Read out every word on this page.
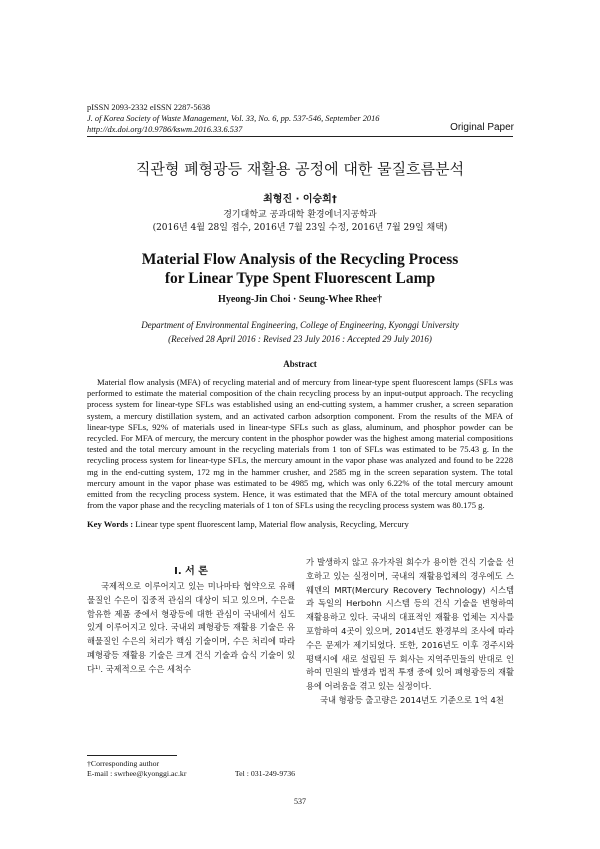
pISSN 2093-2332 eISSN 2287-5638
J. of Korea Society of Waste Management, Vol. 33, No. 6, pp. 537-546, September 2016
http://dx.doi.org/10.9786/kswm.2016.33.6.537	Original Paper
직관형 폐형광등 재활용 공정에 대한 물질흐름분석
최형진 · 이승희†
경기대학교 공과대학 환경에너지공학과
(2016년 4월 28일 접수, 2016년 7월 23일 수정, 2016년 7월 29일 채택)
Material Flow Analysis of the Recycling Process
for Linear Type Spent Fluorescent Lamp
Hyeong-Jin Choi · Seung-Whee Rhee†
Department of Environmental Engineering, College of Engineering, Kyonggi University
(Received 28 April 2016 : Revised 23 July 2016 : Accepted 29 July 2016)
Abstract
Material flow analysis (MFA) of recycling material and of mercury from linear-type spent fluorescent lamps (SFLs was performed to estimate the material composition of the chain recycling process by an input-output approach. The recycling process system for linear-type SFLs was established using an end-cutting system, a hammer crusher, a screen separation system, a mercury distillation system, and an activated carbon adsorption component. From the results of the MFA of linear-type SFLs, 92% of materials used in linear-type SFLs such as glass, aluminum, and phosphor powder can be recycled. For MFA of mercury, the mercury content in the phosphor powder was the highest among material compositions tested and the total mercury amount in the recycling materials from 1 ton of SFLs was estimated to be 75.43 g. In the recycling process system for linear-type SFLs, the mercury amount in the vapor phase was analyzed and found to be 2228 mg in the end-cutting system, 172 mg in the hammer crusher, and 2585 mg in the screen separation system. The total mercury amount in the vapor phase was estimated to be 4985 mg, which was only 6.22% of the total mercury amount emitted from the recycling process system. Hence, it was estimated that the MFA of the total mercury amount obtained from the vapor phase and the recycling materials of 1 ton of SFLs using the recycling process system was 80.175 g.
Key Words : Linear type spent fluorescent lamp, Material flow analysis, Recycling, Mercury
I. 서 론

국제적으로 이루어지고 있는 미나마타 협약으로 유해물질인 수은이 집중적 관심의 대상이 되고 있으며, 수은을 함유한 제품 중에서 형광등에 대한 관심이 국내에서 심도 있게 이루어지고 있다. 국내외 폐형광등 재활용 기술은 유해물질인 수은의 처리가 핵심 기술이며, 수은 처리에 따라 폐형광등 재활용 기술은 크게 건식 기술과 습식 기술이 있다¹⁾. 국제적으로 수은 세척수

가 발생하지 않고 유가자원 회수가 용이한 건식 기술을 선호하고 있는 실정이며, 국내의 재활용업체의 경우에도 스웨덴의 MRT(Mercury Recovery Technology) 시스템과 독일의 Herbohn 시스템 등의 건식 기술을 변형하여 재활용하고 있다. 국내의 대표적인 재활용 업체는 지사를 포함하여 4곳이 있으며, 2014년도 환경부의 조사에 따라 수은 문제가 제기되었다. 또한, 2016년도 이후 경주시와 평택시에 새로 설립된 두 회사는 지역주민들의 반대로 인하여 민원의 발생과 법적 투쟁 중에 있어 폐형광등의 재활용에 어려움을 겪고 있는 실정이다.

국내 형광등 출고량은 2014년도 기준으로 1억 4천

†Corresponding author
E-mail : swrhee@kyonggi.ac.kr	Tel : 031-249-9736
537
